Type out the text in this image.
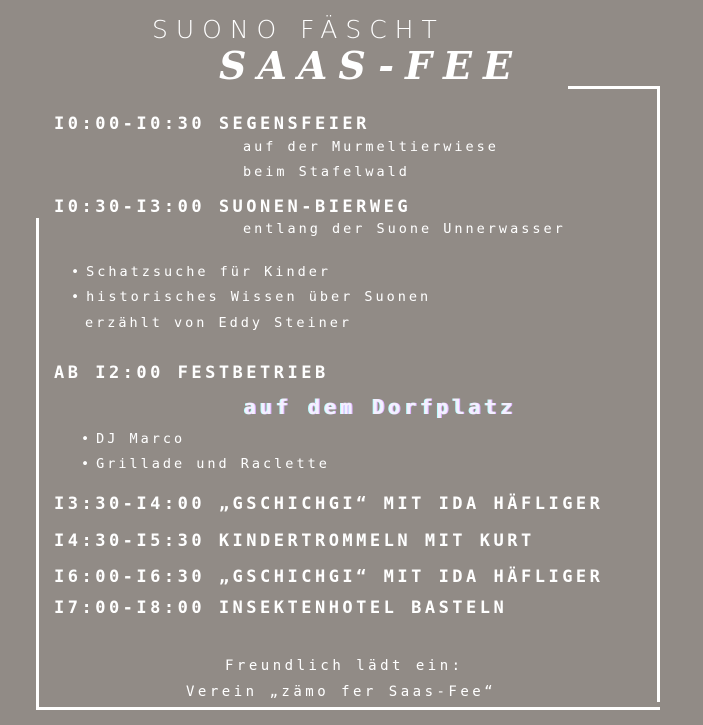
SUONO FÄSCHT
SAAS-FEE
I0:00-I0:30 SEGENSFEIER
auf der Murmeltierwiese
beim Stafelwald
I0:30-I3:00 SUONEN-BIERWEG
entlang der Suone Unnerwasser
• Schatzsuche für Kinder
• historisches Wissen über Suonen
erzählt von Eddy Steiner
AB I2:00 FESTBETRIEB
auf dem Dorfplatz
• DJ Marco
• Grillade und Raclette
I3:30-I4:00 „GSCHICHGI“ MIT IDA HÄFLIGER
I4:30-I5:30 KINDERTROMMELN MIT KURT
I6:00-I6:30 „GSCHICHGI“ MIT IDA HÄFLIGER
I7:00-I8:00 INSEKTENHOTEL BASTELN
Freundlich lädt ein:
Verein „zämo fer Saas-Fee“
